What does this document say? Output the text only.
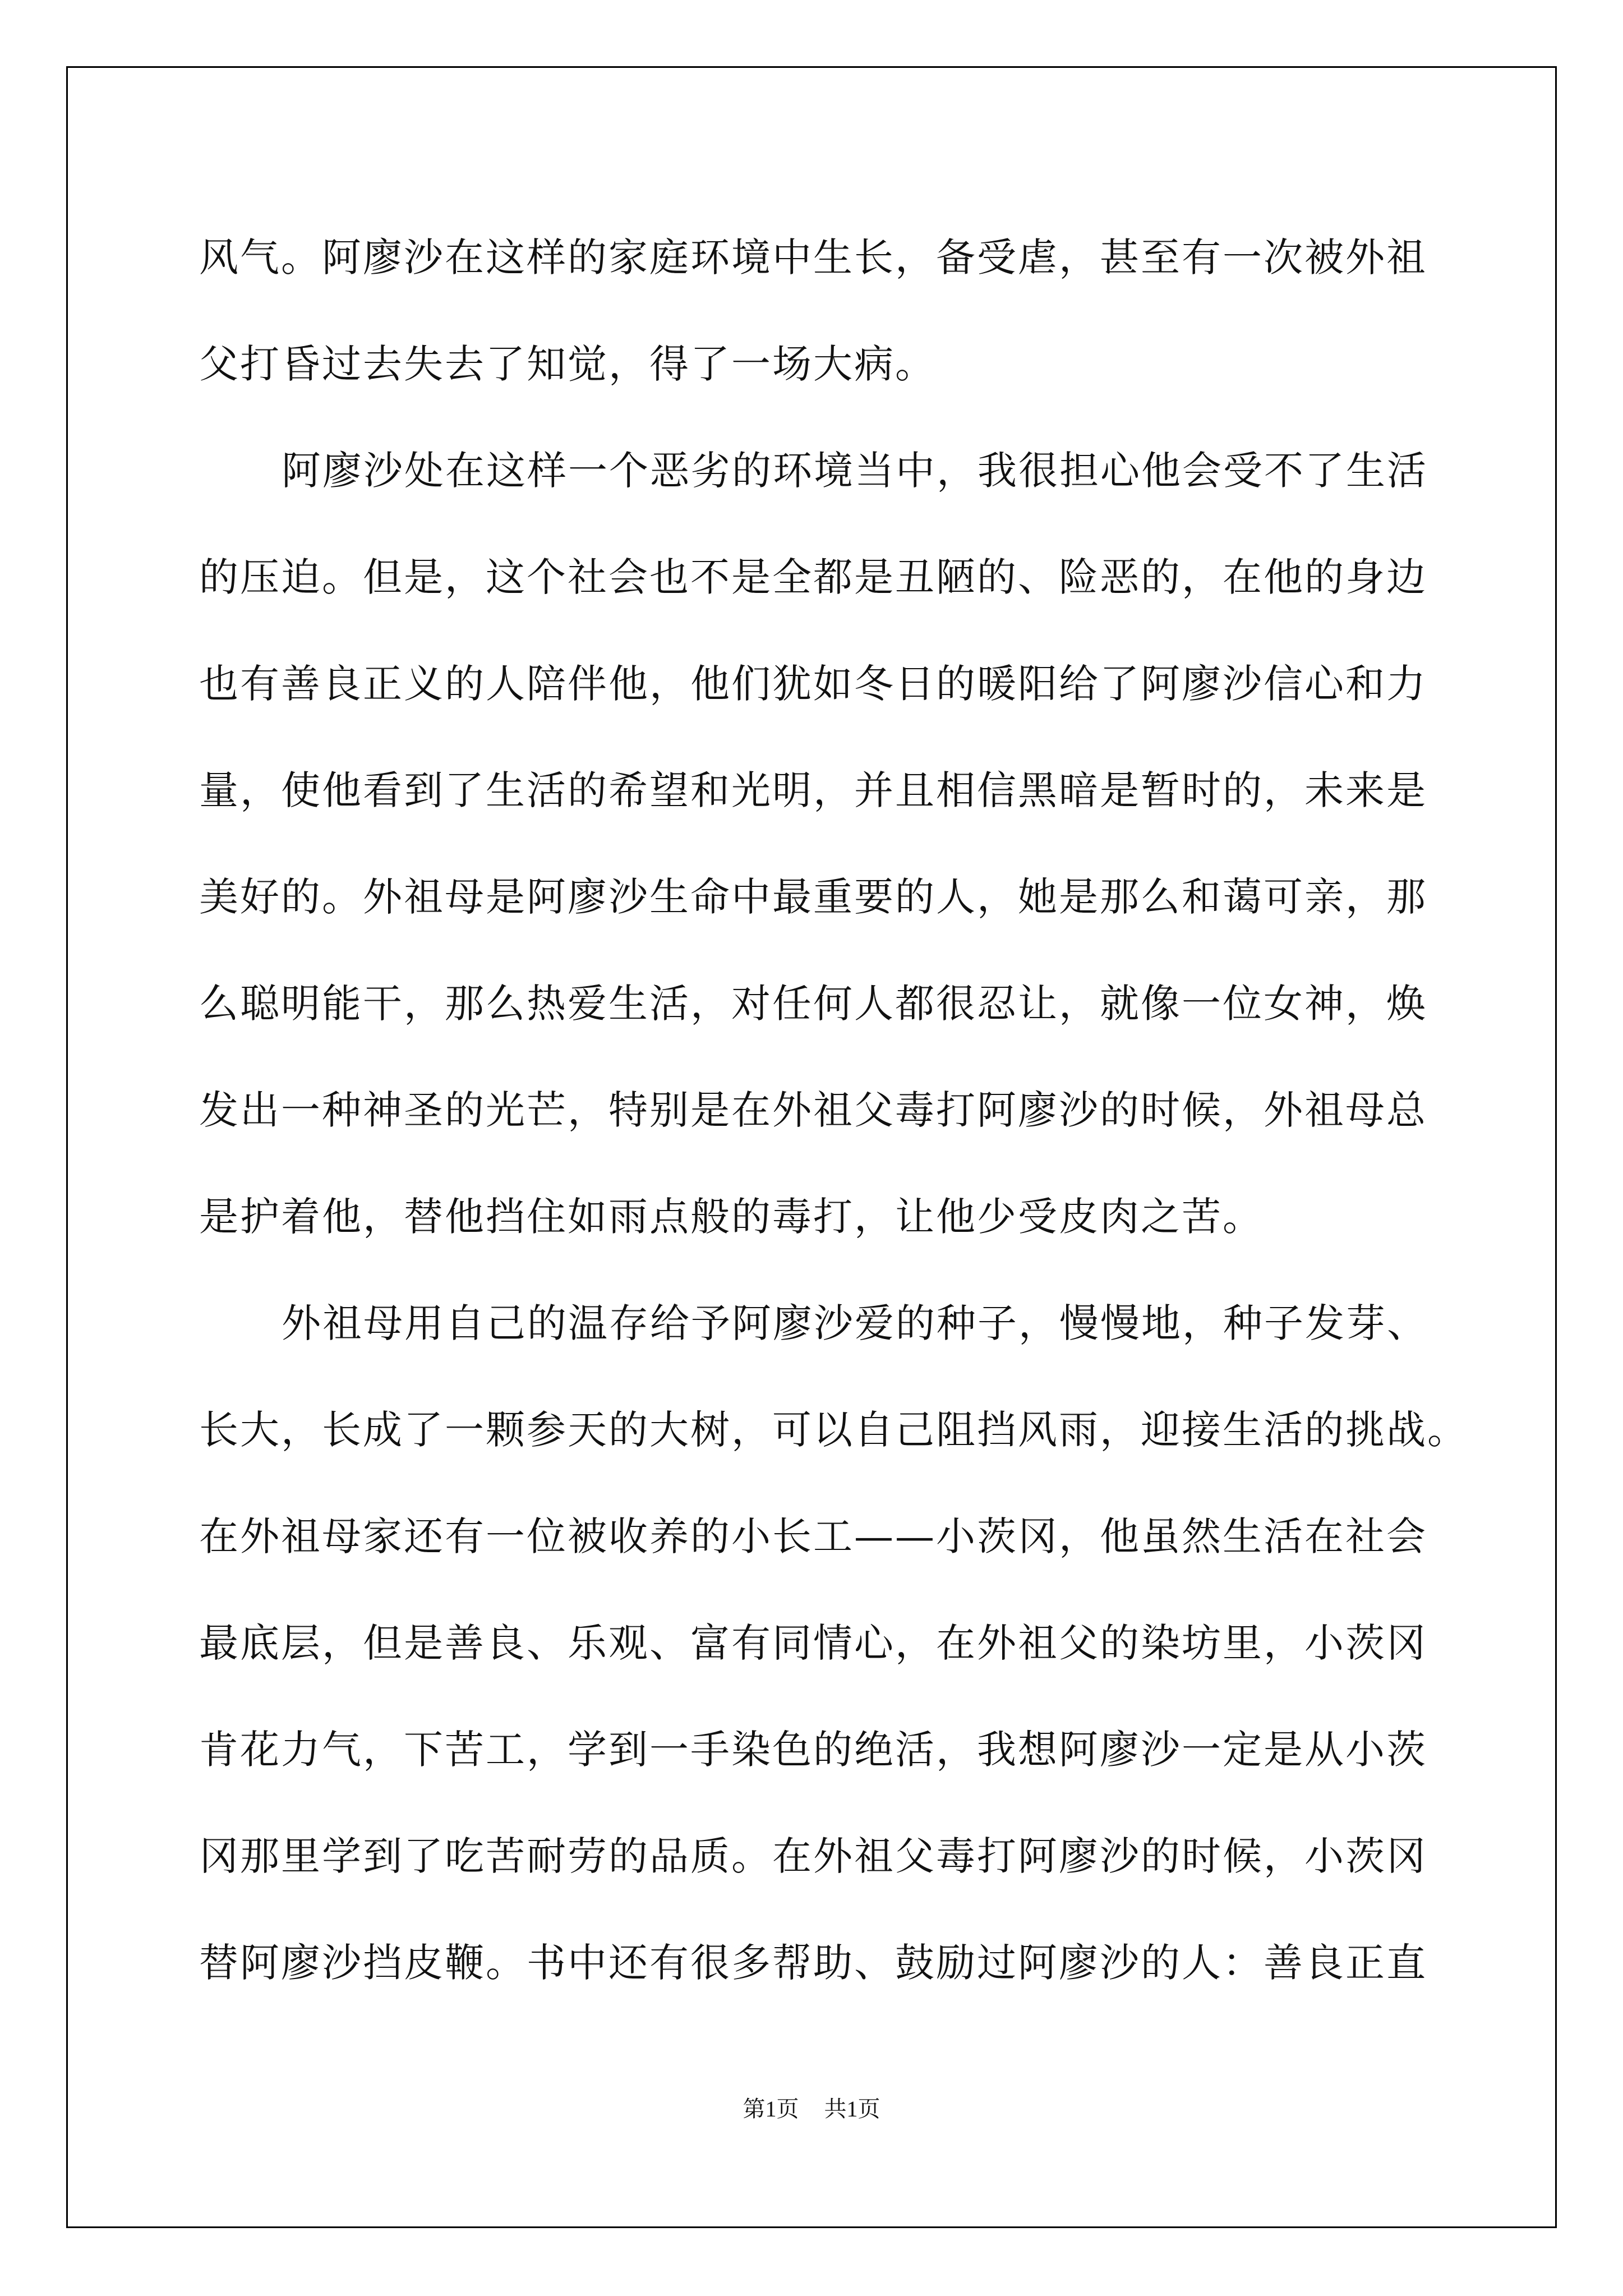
风气。阿廖沙在这样的家庭环境中生长，备受虐，甚至有一次被外祖
父打昏过去失去了知觉，得了一场大病。
阿廖沙处在这样一个恶劣的环境当中，我很担心他会受不了生活
的压迫。但是，这个社会也不是全都是丑陋的、险恶的，在他的身边
也有善良正义的人陪伴他，他们犹如冬日的暖阳给了阿廖沙信心和力
量，使他看到了生活的希望和光明，并且相信黑暗是暂时的，未来是
美好的。外祖母是阿廖沙生命中最重要的人，她是那么和蔼可亲，那
么聪明能干，那么热爱生活，对任何人都很忍让，就像一位女神，焕
发出一种神圣的光芒，特别是在外祖父毒打阿廖沙的时候，外祖母总
是护着他，替他挡住如雨点般的毒打，让他少受皮肉之苦。
外祖母用自己的温存给予阿廖沙爱的种子，慢慢地，种子发芽、
长大，长成了一颗参天的大树，可以自己阻挡风雨，迎接生活的挑战。
在外祖母家还有一位被收养的小长工——小茨冈，他虽然生活在社会
最底层，但是善良、乐观、富有同情心，在外祖父的染坊里，小茨冈
肯花力气，下苦工，学到一手染色的绝活，我想阿廖沙一定是从小茨
冈那里学到了吃苦耐劳的品质。在外祖父毒打阿廖沙的时候，小茨冈
替阿廖沙挡皮鞭。书中还有很多帮助、鼓励过阿廖沙的人：善良正直
第1页 共1页
